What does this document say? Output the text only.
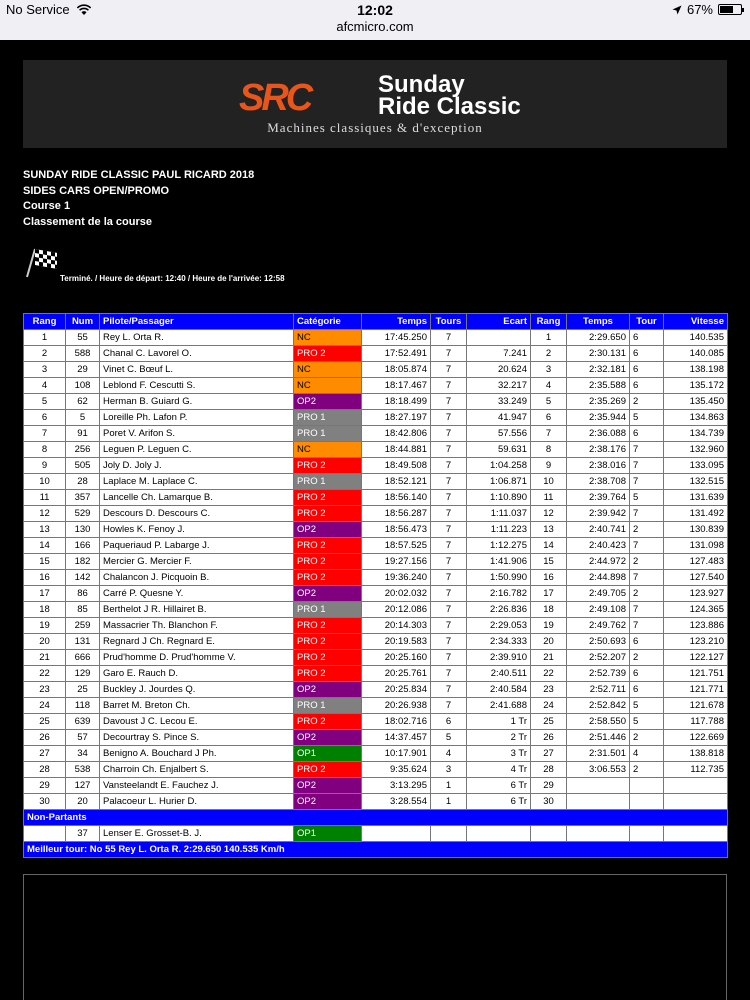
No Service	12:02
afcmicro.com
67%
SRC	Sunday
Ride Classic
Machines classiques & d'exception
SUNDAY RIDE CLASSIC PAUL RICARD 2018
SIDES CARS OPEN/PROMO
Course 1
Classement de la course
Terminé. / Heure de départ: 12:40 / Heure de l'arrivée: 12:58
Rang	Num	Pilote/Passager	Catégorie	Temps	Tours	Ecart	Rang	Temps	Tour	Vitesse
1	55	Rey L. Orta R.	NC	17:45.250	7		1	2:29.650	6	140.535
2	588	Chanal C. Lavorel O.	PRO 2	17:52.491	7	7.241	2	2:30.131	6	140.085
3	29	Vinet C. Bœuf L.	NC	18:05.874	7	20.624	3	2:32.181	6	138.198
4	108	Leblond F. Cescutti S.	NC	18:17.467	7	32.217	4	2:35.588	6	135.172
5	62	Herman B. Guiard G.	OP2	18:18.499	7	33.249	5	2:35.269	2	135.450
6	5	Loreille Ph. Lafon P.	PRO 1	18:27.197	7	41.947	6	2:35.944	5	134.863
7	91	Poret V. Arifon S.	PRO 1	18:42.806	7	57.556	7	2:36.088	6	134.739
8	256	Leguen P. Leguen C.	NC	18:44.881	7	59.631	8	2:38.176	7	132.960
9	505	Joly D. Joly J.	PRO 2	18:49.508	7	1:04.258	9	2:38.016	7	133.095
10	28	Laplace M. Laplace C.	PRO 1	18:52.121	7	1:06.871	10	2:38.708	7	132.515
11	357	Lancelle Ch. Lamarque B.	PRO 2	18:56.140	7	1:10.890	11	2:39.764	5	131.639
12	529	Descours D. Descours C.	PRO 2	18:56.287	7	1:11.037	12	2:39.942	7	131.492
13	130	Howles K. Fenoy J.	OP2	18:56.473	7	1:11.223	13	2:40.741	2	130.839
14	166	Paqueriaud P. Labarge J.	PRO 2	18:57.525	7	1:12.275	14	2:40.423	7	131.098
15	182	Mercier G. Mercier F.	PRO 2	19:27.156	7	1:41.906	15	2:44.972	2	127.483
16	142	Chalancon J. Picquoin B.	PRO 2	19:36.240	7	1:50.990	16	2:44.898	7	127.540
17	86	Carré P. Quesne Y.	OP2	20:02.032	7	2:16.782	17	2:49.705	2	123.927
18	85	Berthelot J R. Hillairet B.	PRO 1	20:12.086	7	2:26.836	18	2:49.108	7	124.365
19	259	Massacrier Th. Blanchon F.	PRO 2	20:14.303	7	2:29.053	19	2:49.762	7	123.886
20	131	Regnard J Ch. Regnard E.	PRO 2	20:19.583	7	2:34.333	20	2:50.693	6	123.210
21	666	Prud'homme D. Prud'homme V.	PRO 2	20:25.160	7	2:39.910	21	2:52.207	2	122.127
22	129	Garo E. Rauch D.	PRO 2	20:25.761	7	2:40.511	22	2:52.739	6	121.751
23	25	Buckley J. Jourdes Q.	OP2	20:25.834	7	2:40.584	23	2:52.711	6	121.771
24	118	Barret M. Breton Ch.	PRO 1	20:26.938	7	2:41.688	24	2:52.842	5	121.678
25	639	Davoust J C. Lecou E.	PRO 2	18:02.716	6	1 Tr	25	2:58.550	5	117.788
26	57	Decourtray S. Pince S.	OP2	14:37.457	5	2 Tr	26	2:51.446	2	122.669
27	34	Benigno A. Bouchard J Ph.	OP1	10:17.901	4	3 Tr	27	2:31.501	4	138.818
28	538	Charroin Ch. Enjalbert S.	PRO 2	9:35.624	3	4 Tr	28	3:06.553	2	112.735
29	127	Vansteelandt E. Fauchez J.	OP2	3:13.295	1	6 Tr	29			
30	20	Palacoeur L. Hurier D.	OP2	3:28.554	1	6 Tr	30			
Non-Partants										
	37	Lenser E. Grosset-B. J.	OP1							
Meilleur tour: No 55 Rey L. Orta R. 2:29.650 140.535 Km/h										
